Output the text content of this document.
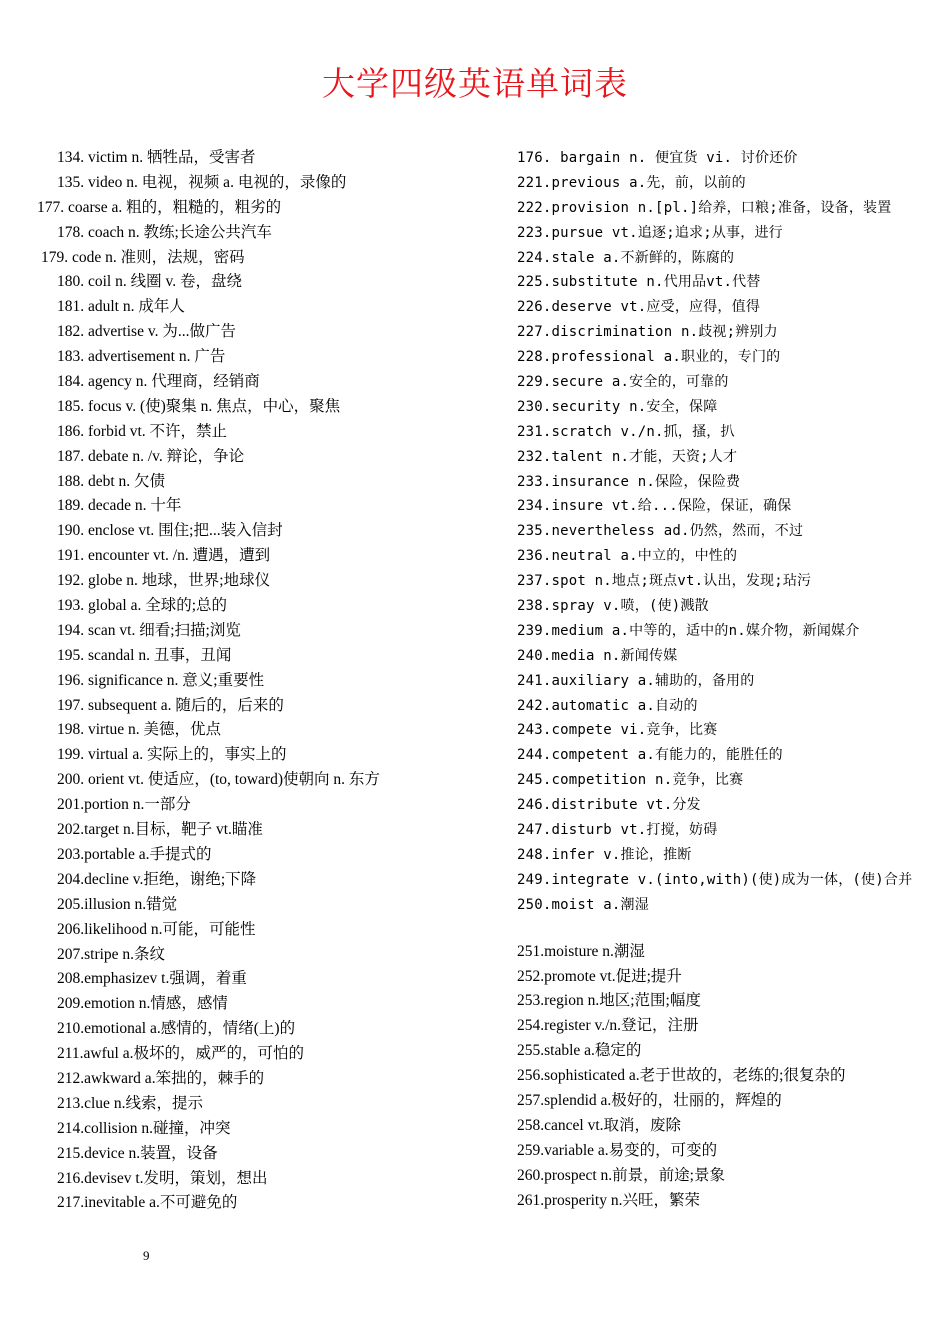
大学四级英语单词表
134. victim n. 牺牲品，受害者
135. video n. 电视，视频 a. 电视的，录像的
177. coarse a. 粗的，粗糙的，粗劣的
178. coach n. 教练;长途公共汽车
179. code n. 准则，法规，密码
180. coil n. 线圈 v. 卷，盘绕
181. adult n. 成年人
182. advertise v. 为...做广告
183. advertisement n. 广告
184. agency n. 代理商，经销商
185. focus v. (使)聚集 n. 焦点，中心，聚焦
186. forbid vt. 不许，禁止
187. debate n. /v. 辩论，争论
188. debt n. 欠债
189. decade n. 十年
190. enclose vt. 围住;把...装入信封
191. encounter vt. /n. 遭遇，遭到
192. globe n. 地球，世界;地球仪
193. global a. 全球的;总的
194. scan vt. 细看;扫描;浏览
195. scandal n. 丑事，丑闻
196. significance n. 意义;重要性
197. subsequent a. 随后的，后来的
198. virtue n. 美德，优点
199. virtual a. 实际上的，事实上的
200. orient vt. 使适应，(to, toward)使朝向 n. 东方
201.portion n.一部分
202.target n.目标，靶子 vt.瞄准
203.portable a.手提式的
204.decline v.拒绝，谢绝;下降
205.illusion n.错觉
206.likelihood n.可能，可能性
207.stripe n.条纹
208.emphasizev t.强调，着重
209.emotion n.情感，感情
210.emotional a.感情的，情绪(上)的
211.awful a.极坏的，威严的，可怕的
212.awkward a.笨拙的，棘手的
213.clue n.线索，提示
214.collision n.碰撞，冲突
215.device n.装置，设备
216.devisev t.发明，策划，想出
217.inevitable a.不可避免的
176. bargain n. 便宜货 vi. 讨价还价
221.previous a.先，前，以前的
222.provision n.[pl.]给养，口粮;准备，设备，装置
223.pursue vt.追逐;追求;从事，进行
224.stale a.不新鲜的，陈腐的
225.substitute n.代用品vt.代替
226.deserve vt.应受，应得，值得
227.discrimination n.歧视;辨别力
228.professional a.职业的，专门的
229.secure a.安全的，可靠的
230.security n.安全，保障
231.scratch v./n.抓，搔，扒
232.talent n.才能，天资;人才
233.insurance n.保险，保险费
234.insure vt.给...保险，保证，确保
235.nevertheless ad.仍然，然而，不过
236.neutral a.中立的，中性的
237.spot n.地点;斑点vt.认出，发现;玷污
238.spray v.喷，(使)溅散
239.medium a.中等的，适中的n.媒介物，新闻媒介
240.media n.新闻传媒
241.auxiliary a.辅助的，备用的
242.automatic a.自动的
243.compete vi.竞争，比赛
244.competent a.有能力的，能胜任的
245.competition n.竞争，比赛
246.distribute vt.分发
247.disturb vt.打搅，妨碍
248.infer v.推论，推断
249.integrate v.(into,with)(使)成为一体，(使)合并
250.moist a.潮湿
251.moisture n.潮湿
252.promote vt.促进;提升
253.region n.地区;范围;幅度
254.register v./n.登记，注册
255.stable a.稳定的
256.sophisticated a.老于世故的，老练的;很复杂的
257.splendid a.极好的，壮丽的，辉煌的
258.cancel vt.取消，废除
259.variable a.易变的，可变的
260.prospect n.前景，前途;景象
261.prosperity n.兴旺，繁荣
9
